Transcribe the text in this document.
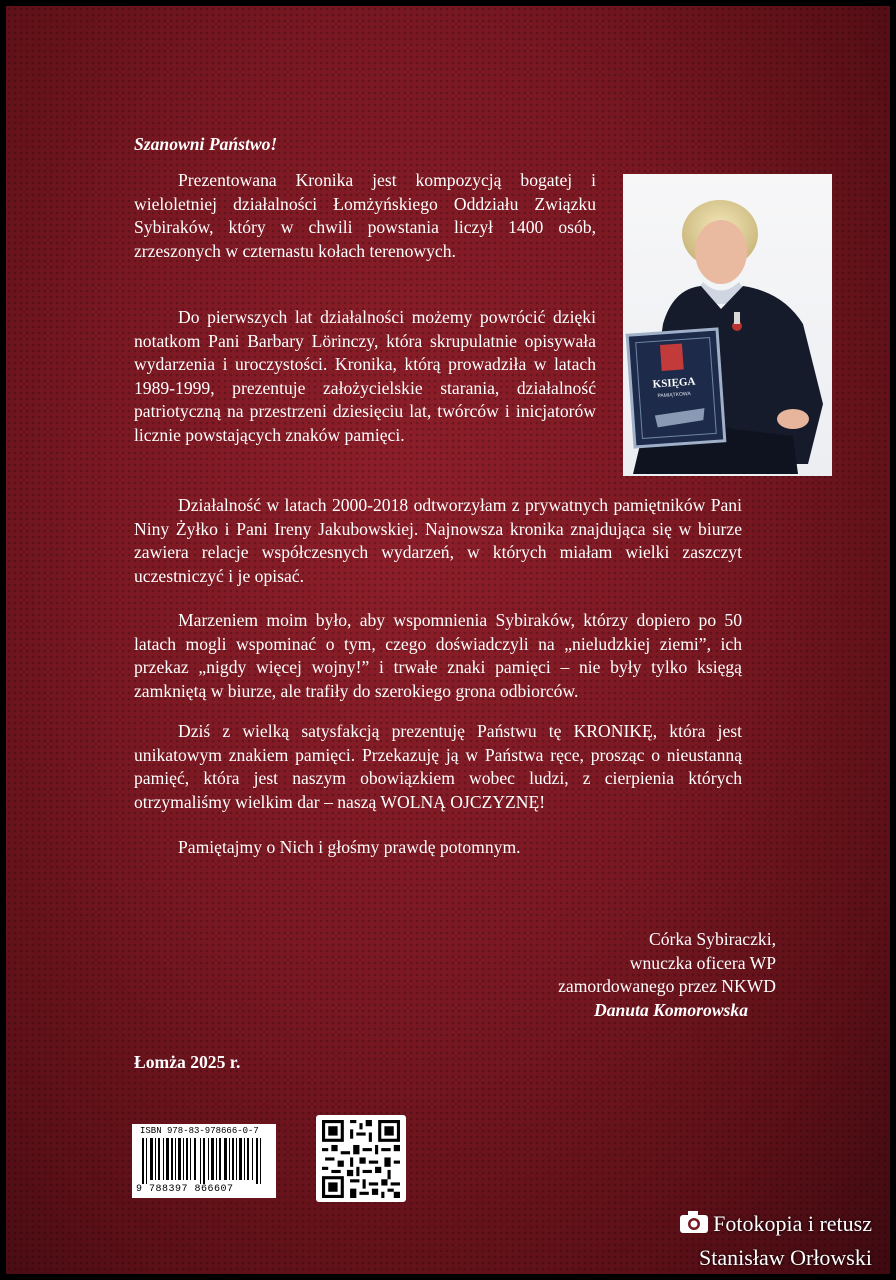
Szanowni Państwo!
Prezentowana Kronika jest kompozycją bogatej i wieloletniej działalności Łomżyńskiego Oddziału Związku Sybiraków, który w chwili powstania liczył 1400 osób, zrzeszonych w czternastu kołach terenowych.
Do pierwszych lat działalności możemy powrócić dzięki notatkom Pani Barbary Lörinczy, która skrupulatnie opisywała wydarzenia i uroczystości. Kronika, którą prowadziła w latach 1989-1999, prezentuje założycielskie starania, działalność patriotyczną na przestrzeni dziesięciu lat, twórców i inicjatorów licznie powstających znaków pamięci.
Działalność w latach 2000-2018 odtworzyłam z prywatnych pamiętników Pani Niny Żyłko i Pani Ireny Jakubowskiej. Najnowsza kronika znajdująca się w biurze zawiera relacje współczesnych wydarzeń, w których miałam wielki zaszczyt uczestniczyć i je opisać.
Marzeniem moim było, aby wspomnienia Sybiraków, którzy dopiero po 50 latach mogli wspominać o tym, czego doświadczyli na „nieludzkiej ziemi”, ich przekaz „nigdy więcej wojny!” i trwałe znaki pamięci – nie były tylko księgą zamkniętą w biurze, ale trafiły do szerokiego grona odbiorców.
Dziś z wielką satysfakcją prezentuję Państwu tę KRONIKĘ, która jest unikatowym znakiem pamięci. Przekazuję ją w Państwa ręce, prosząc o nieustanną pamięć, która jest naszym obowiązkiem wobec ludzi, z cierpienia których otrzymaliśmy wielkim dar – naszą WOLNĄ OJCZYZNĘ!
Pamiętajmy o Nich i głośmy prawdę potomnym.
KSIĘGA
PAMIĄTKOWA
Córka Sybiraczki,
wnuczka oficera WP
zamordowanego przez NKWD
Danuta Komorowska
Łomża 2025 r.
ISBN 978-83-978666-0-7
9 788397 866607
Fotokopia i retusz
Stanisław Orłowski
